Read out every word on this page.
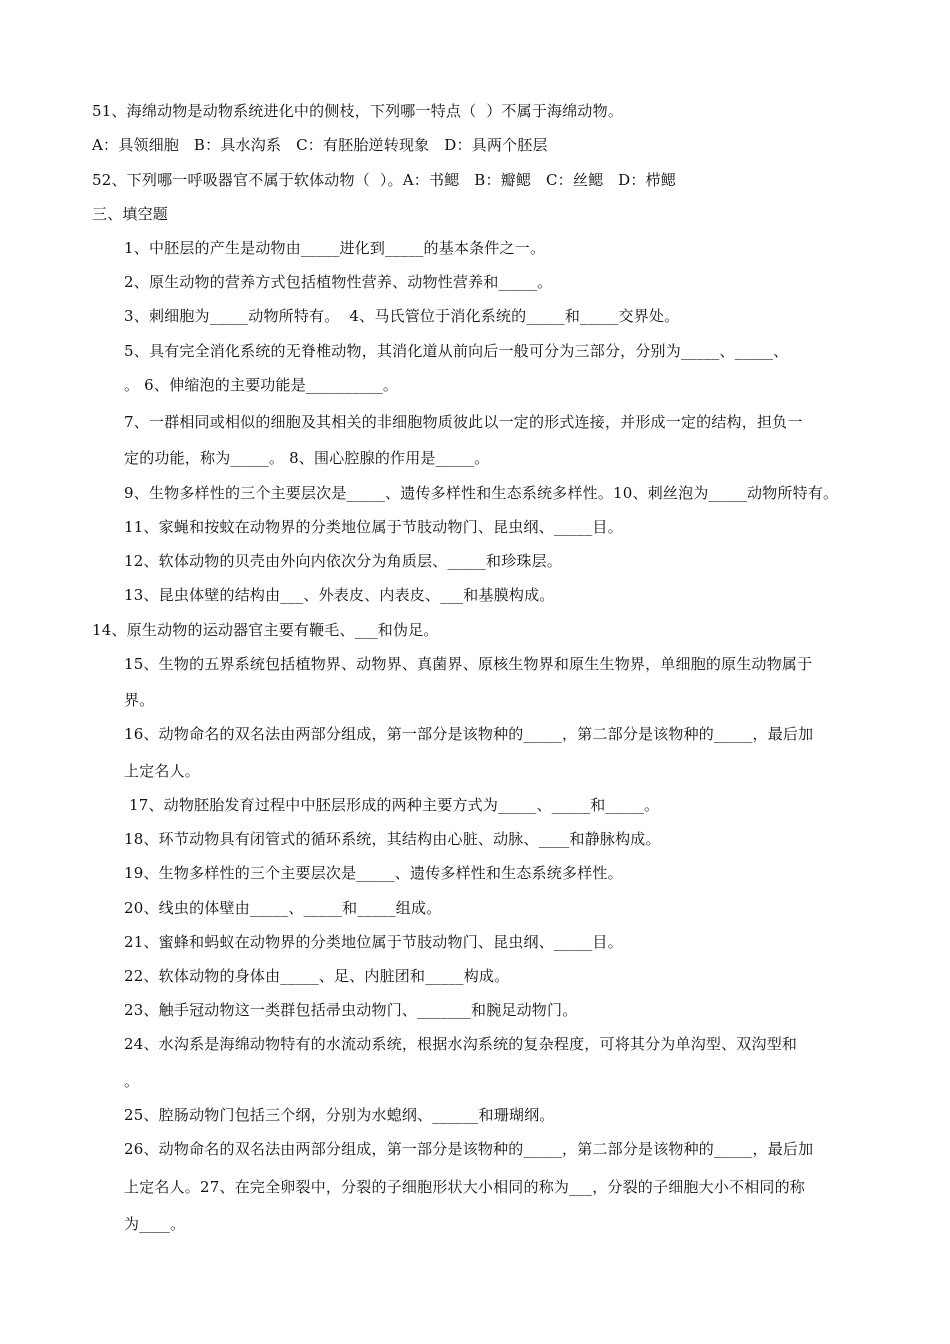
51、海绵动物是动物系统进化中的侧枝，下列哪一特点（  ）不属于海绵动物。
A：具领细胞   B：具水沟系   C：有胚胎逆转现象   D：具两个胚层
52、下列哪一呼吸器官不属于软体动物（  ）。A：书鳃   B：瓣鳃   C：丝鳃   D：栉鳃
三、填空题
1、中胚层的产生是动物由_____进化到_____的基本条件之一。
2、原生动物的营养方式包括植物性营养、动物性营养和_____。
3、刺细胞为_____动物所特有。  4、马氏管位于消化系统的_____和_____交界处。
5、具有完全消化系统的无脊椎动物，其消化道从前向后一般可分为三部分，分别为_____、_____、
。 6、伸缩泡的主要功能是__________。
7、一群相同或相似的细胞及其相关的非细胞物质彼此以一定的形式连接，并形成一定的结构，担负一
定的功能，称为_____。 8、围心腔腺的作用是_____。
9、生物多样性的三个主要层次是_____、遗传多样性和生态系统多样性。10、刺丝泡为_____动物所特有。
11、家蝇和按蚊在动物界的分类地位属于节肢动物门、昆虫纲、_____目。
12、软体动物的贝壳由外向内依次分为角质层、_____和珍珠层。
13、昆虫体壁的结构由___、外表皮、内表皮、___和基膜构成。
14、原生动物的运动器官主要有鞭毛、___和伪足。
15、生物的五界系统包括植物界、动物界、真菌界、原核生物界和原生生物界，单细胞的原生动物属于
界。
16、动物命名的双名法由两部分组成，第一部分是该物种的_____，第二部分是该物种的_____，最后加
上定名人。
17、动物胚胎发育过程中中胚层形成的两种主要方式为_____、_____和_____。
18、环节动物具有闭管式的循环系统，其结构由心脏、动脉、____和静脉构成。
19、生物多样性的三个主要层次是_____、遗传多样性和生态系统多样性。
20、线虫的体壁由_____、_____和_____组成。
21、蜜蜂和蚂蚁在动物界的分类地位属于节肢动物门、昆虫纲、_____目。
22、软体动物的身体由_____、足、内脏团和_____构成。
23、触手冠动物这一类群包括帚虫动物门、_______和腕足动物门。
24、水沟系是海绵动物特有的水流动系统，根据水沟系统的复杂程度，可将其分为单沟型、双沟型和
。
25、腔肠动物门包括三个纲，分别为水螅纲、______和珊瑚纲。
26、动物命名的双名法由两部分组成，第一部分是该物种的_____，第二部分是该物种的_____，最后加
上定名人。27、在完全卵裂中，分裂的子细胞形状大小相同的称为___，分裂的子细胞大小不相同的称
为____。
